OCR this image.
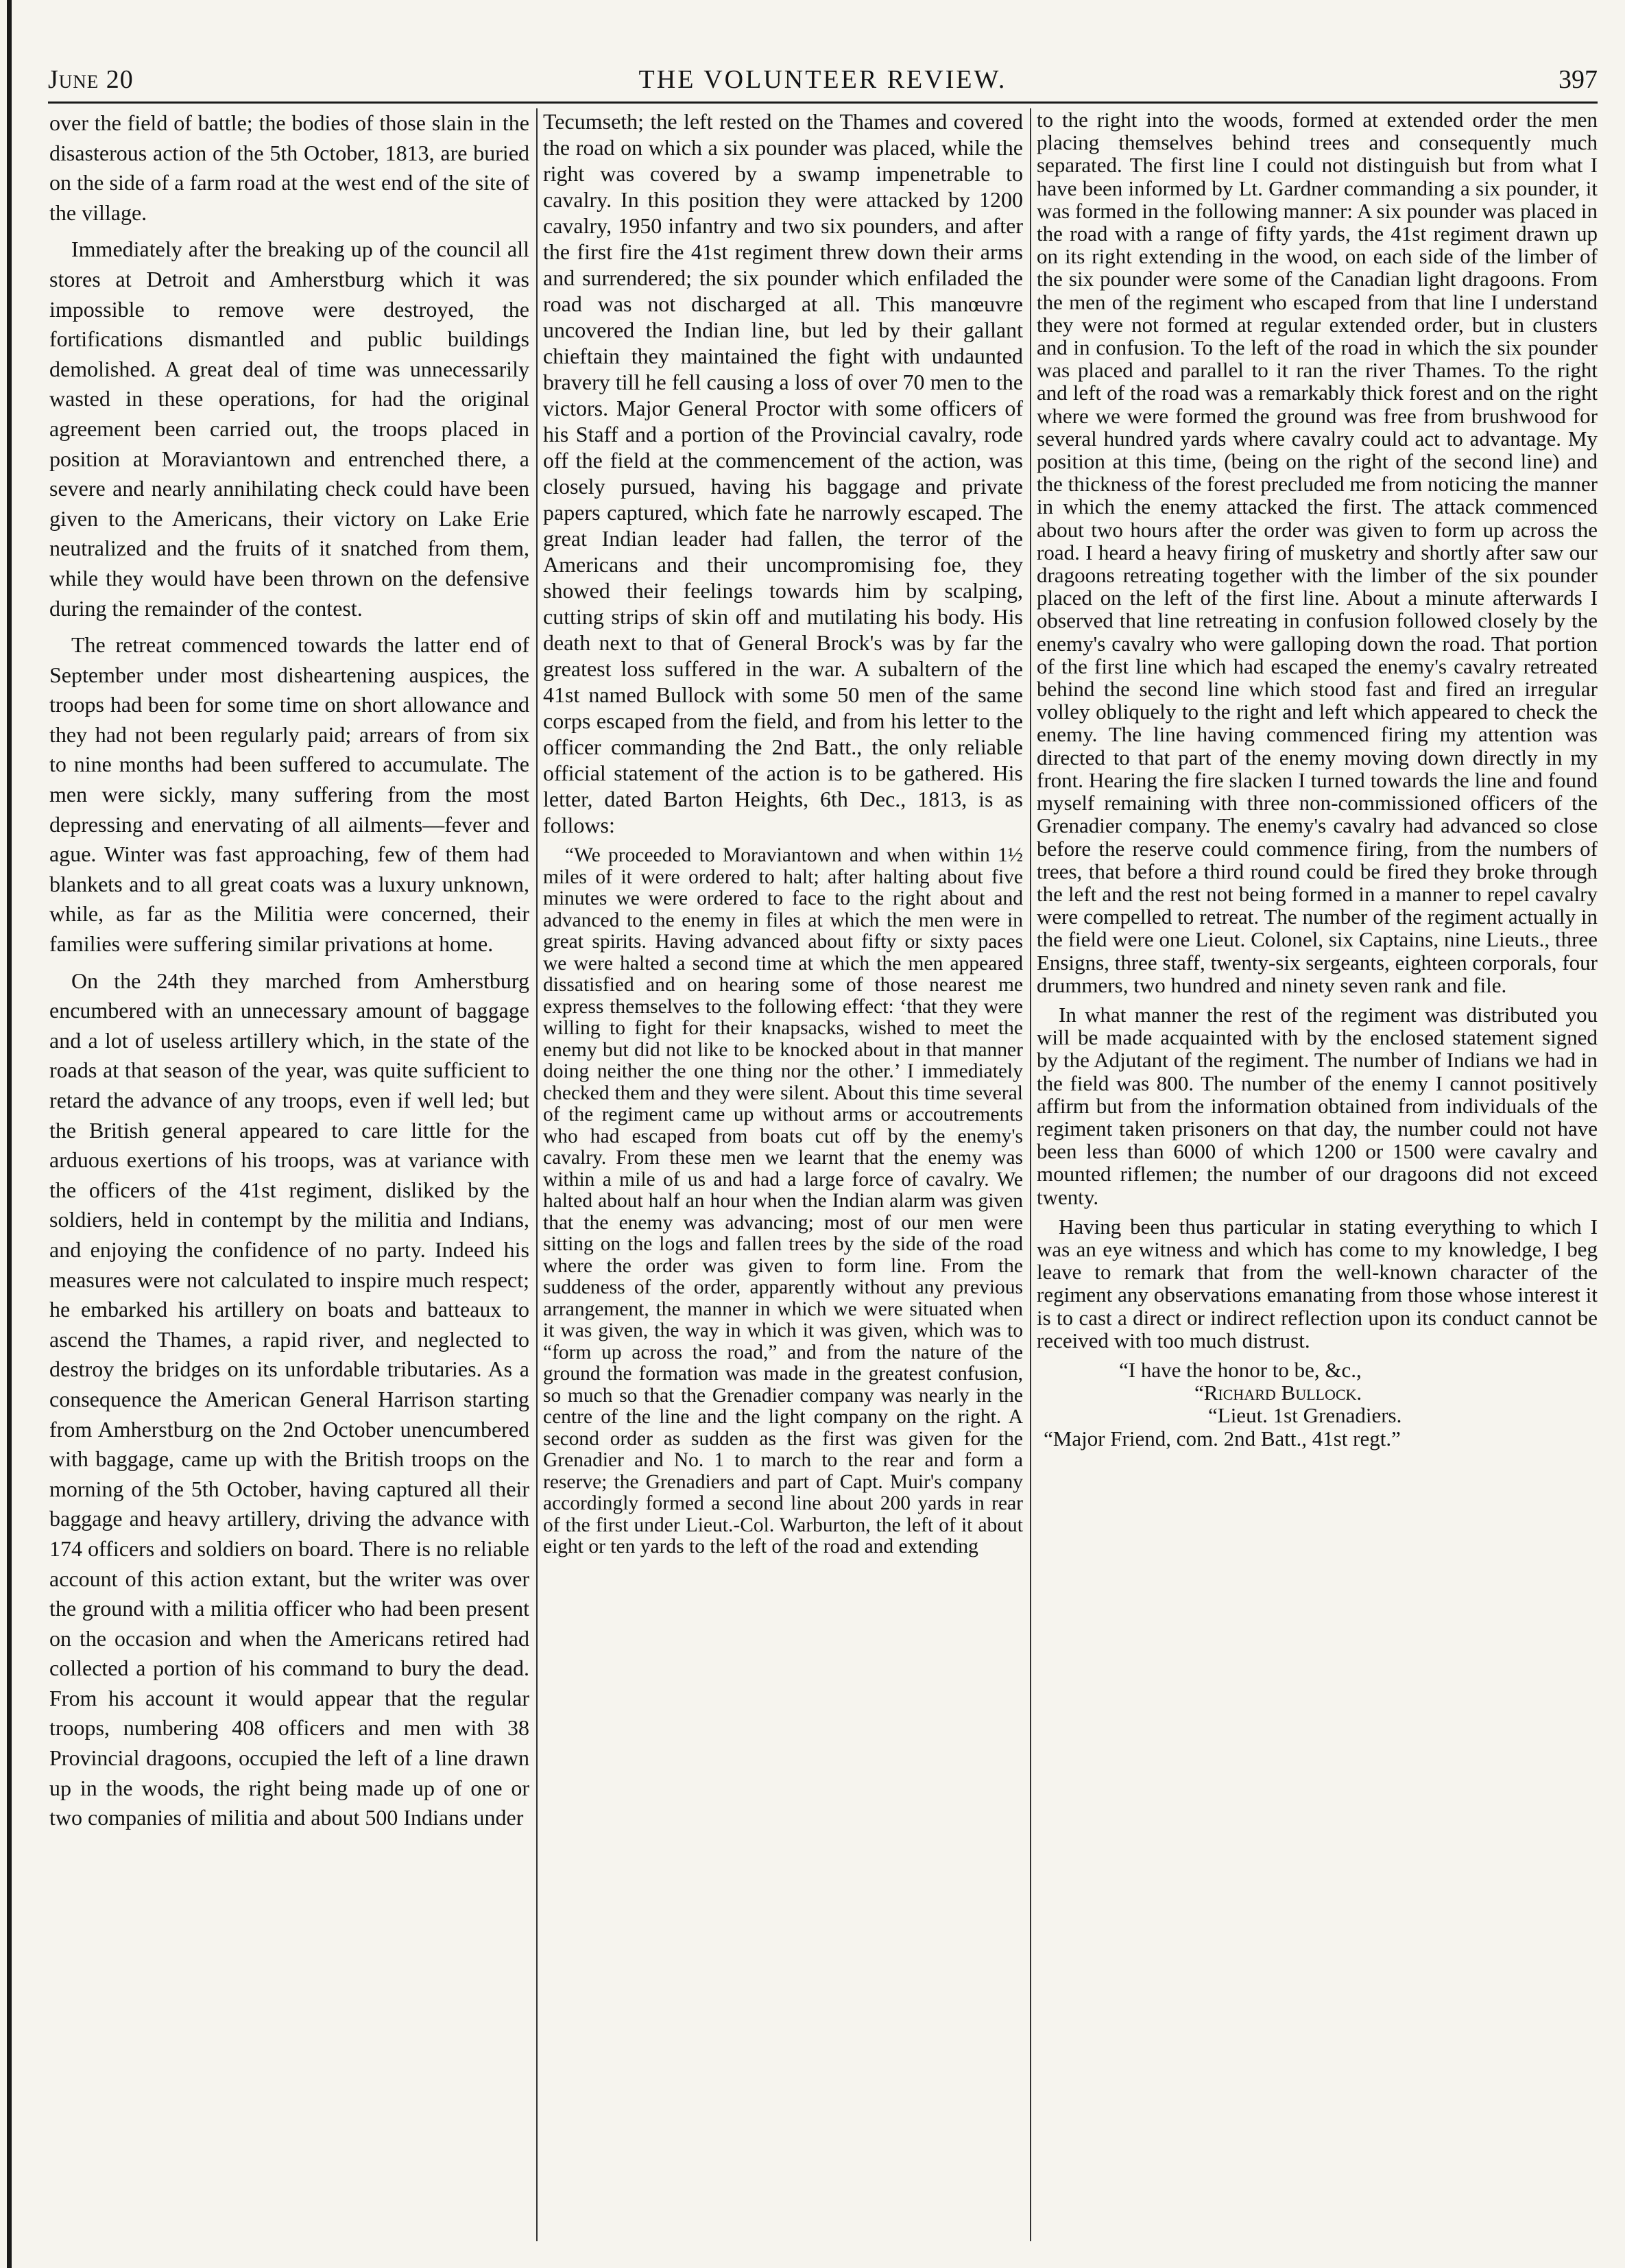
THE VOLUNTEER REVIEW.
June 20	397

over the field of battle; the bodies of those slain in the disasterous action of the 5th October, 1813, are buried on the side of a farm road at the west end of the site of the village.

Immediately after the breaking up of the council all stores at Detroit and Amherstburg which it was impossible to remove were destroyed, the fortifications dismantled and public buildings demolished. A great deal of time was unnecessarily wasted in these operations, for had the original agreement been carried out, the troops placed in position at Moraviantown and entrenched there, a severe and nearly annihilating check could have been given to the Americans, their victory on Lake Erie neutralized and the fruits of it snatched from them, while they would have been thrown on the defensive during the remainder of the contest.

The retreat commenced towards the latter end of September under most disheartening auspices, the troops had been for some time on short allowance and they had not been regularly paid; arrears of from six to nine months had been suffered to accumulate. The men were sickly, many suffering from the most depressing and enervating of all ailments—fever and ague. Winter was fast approaching, few of them had blankets and to all great coats was a luxury unknown, while, as far as the Militia were concerned, their families were suffering similar privations at home.

On the 24th they marched from Amherstburg encumbered with an unnecessary amount of baggage and a lot of useless artillery which, in the state of the roads at that season of the year, was quite sufficient to retard the advance of any troops, even if well led; but the British general appeared to care little for the arduous exertions of his troops, was at variance with the officers of the 41st regiment, disliked by the soldiers, held in contempt by the militia and Indians, and enjoying the confidence of no party. Indeed his measures were not calculated to inspire much respect; he embarked his artillery on boats and batteaux to ascend the Thames, a rapid river, and neglected to destroy the bridges on its unfordable tributaries. As a consequence the American General Harrison starting from Amherstburg on the 2nd October unencumbered with baggage, came up with the British troops on the morning of the 5th October, having captured all their baggage and heavy artillery, driving the advance with 174 officers and soldiers on board. There is no reliable account of this action extant, but the writer was over the ground with a militia officer who had been present on the occasion and when the Americans retired had collected a portion of his command to bury the dead. From his account it would appear that the regular troops, numbering 408 officers and men with 38 Provincial dragoons, occupied the left of a line drawn up in the woods, the right being made up of one or two companies of militia and about 500 Indians under

Tecumseth; the left rested on the Thames and covered the road on which a six pounder was placed, while the right was covered by a swamp impenetrable to cavalry. In this position they were attacked by 1200 cavalry, 1950 infantry and two six pounders, and after the first fire the 41st regiment threw down their arms and surrendered; the six pounder which enfiladed the road was not discharged at all. This manœuvre uncovered the Indian line, but led by their gallant chieftain they maintained the fight with undaunted bravery till he fell causing a loss of over 70 men to the victors. Major General Proctor with some officers of his Staff and a portion of the Provincial cavalry, rode off the field at the commencement of the action, was closely pursued, having his baggage and private papers captured, which fate he narrowly escaped. The great Indian leader had fallen, the terror of the Americans and their uncompromising foe, they showed their feelings towards him by scalping, cutting strips of skin off and mutilating his body. His death next to that of General Brock's was by far the greatest loss suffered in the war. A subaltern of the 41st named Bullock with some 50 men of the same corps escaped from the field, and from his letter to the officer commanding the 2nd Batt., the only reliable official statement of the action is to be gathered. His letter, dated Barton Heights, 6th Dec., 1813, is as follows:

“We proceeded to Moraviantown and when within 1½ miles of it were ordered to halt; after halting about five minutes we were ordered to face to the right about and advanced to the enemy in files at which the men were in great spirits. Having advanced about fifty or sixty paces we were halted a second time at which the men appeared dissatisfied and on hearing some of those nearest me express themselves to the following effect: ‘that they were willing to fight for their knapsacks, wished to meet the enemy but did not like to be knocked about in that manner doing neither the one thing nor the other.’ I immediately checked them and they were silent. About this time several of the regiment came up without arms or accoutrements who had escaped from boats cut off by the enemy's cavalry. From these men we learnt that the enemy was within a mile of us and had a large force of cavalry. We halted about half an hour when the Indian alarm was given that the enemy was advancing; most of our men were sitting on the logs and fallen trees by the side of the road where the order was given to form line. From the suddeness of the order, apparently without any previous arrangement, the manner in which we were situated when it was given, the way in which it was given, which was to “form up across the road,” and from the nature of the ground the formation was made in the greatest confusion, so much so that the Grenadier company was nearly in the centre of the line and the light company on the right. A second order as sudden as the first was given for the Grenadier and No. 1 to march to the rear and form a reserve; the Grenadiers and part of Capt. Muir's company accordingly formed a second line about 200 yards in rear of the first under Lieut.-Col. Warburton, the left of it about eight or ten yards to the left of the road and extending

to the right into the woods, formed at extended order the men placing themselves behind trees and consequently much separated. The first line I could not distinguish but from what I have been informed by Lt. Gardner commanding a six pounder, it was formed in the following manner: A six pounder was placed in the road with a range of fifty yards, the 41st regiment drawn up on its right extending in the wood, on each side of the limber of the six pounder were some of the Canadian light dragoons. From the men of the regiment who escaped from that line I understand they were not formed at regular extended order, but in clusters and in confusion. To the left of the road in which the six pounder was placed and parallel to it ran the river Thames. To the right and left of the road was a remarkably thick forest and on the right where we were formed the ground was free from brushwood for several hundred yards where cavalry could act to advantage. My position at this time, (being on the right of the second line) and the thickness of the forest precluded me from noticing the manner in which the enemy attacked the first. The attack commenced about two hours after the order was given to form up across the road. I heard a heavy firing of musketry and shortly after saw our dragoons retreating together with the limber of the six pounder placed on the left of the first line. About a minute afterwards I observed that line retreating in confusion followed closely by the enemy's cavalry who were galloping down the road. That portion of the first line which had escaped the enemy's cavalry retreated behind the second line which stood fast and fired an irregular volley obliquely to the right and left which appeared to check the enemy. The line having commenced firing my attention was directed to that part of the enemy moving down directly in my front. Hearing the fire slacken I turned towards the line and found myself remaining with three non-commissioned officers of the Grenadier company. The enemy's cavalry had advanced so close before the reserve could commence firing, from the numbers of trees, that before a third round could be fired they broke through the left and the rest not being formed in a manner to repel cavalry were compelled to retreat. The number of the regiment actually in the field were one Lieut. Colonel, six Captains, nine Lieuts., three Ensigns, three staff, twenty-six sergeants, eighteen corporals, four drummers, two hundred and ninety seven rank and file.

In what manner the rest of the regiment was distributed you will be made acquainted with by the enclosed statement signed by the Adjutant of the regiment. The number of Indians we had in the field was 800. The number of the enemy I cannot positively affirm but from the information obtained from individuals of the regiment taken prisoners on that day, the number could not have been less than 6000 of which 1200 or 1500 were cavalry and mounted riflemen; the number of our dragoons did not exceed twenty.

Having been thus particular in stating everything to which I was an eye witness and which has come to my knowledge, I beg leave to remark that from the well-known character of the regiment any observations emanating from those whose interest it is to cast a direct or indirect reflection upon its conduct cannot be received with too much distrust.

“I have the honor to be, &c.,
“Richard Bullock.
“Lieut. 1st Grenadiers.
“Major Friend, com. 2nd Batt., 41st regt.”
